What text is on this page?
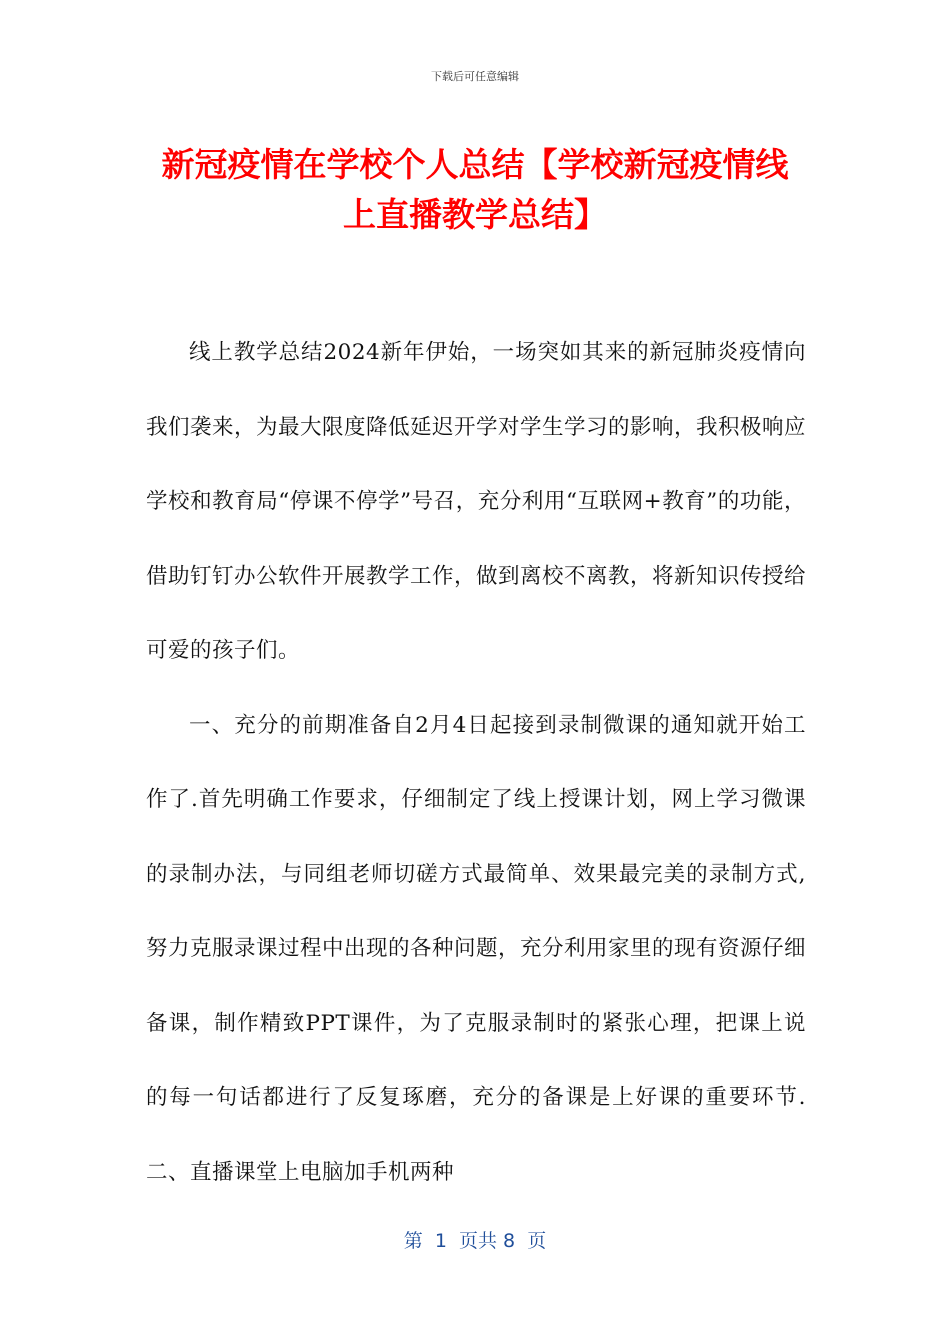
下载后可任意编辑
新冠疫情在学校个人总结【学校新冠疫情线上直播教学总结】

线上教学总结2024新年伊始，一场突如其来的新冠肺炎疫情向我们袭来，为最大限度降低延迟开学对学生学习的影响，我积极响应学校和教育局“停课不停学”号召，充分利用“互联网+教育”的功能，借助钉钉办公软件开展教学工作，做到离校不离教，将新知识传授给可爱的孩子们。

一、充分的前期准备自2月4日起接到录制微课的通知就开始工作了.首先明确工作要求，仔细制定了线上授课计划，网上学习微课的录制办法，与同组老师切磋方式最简单、效果最完美的录制方式,努力克服录课过程中出现的各种问题，充分利用家里的现有资源仔细备课，制作精致PPT课件，为了克服录制时的紧张心理，把课上说的每一句话都进行了反复琢磨，充分的备课是上好课的重要环节.二、直播课堂上电脑加手机两种

第  1  页共 8  页
